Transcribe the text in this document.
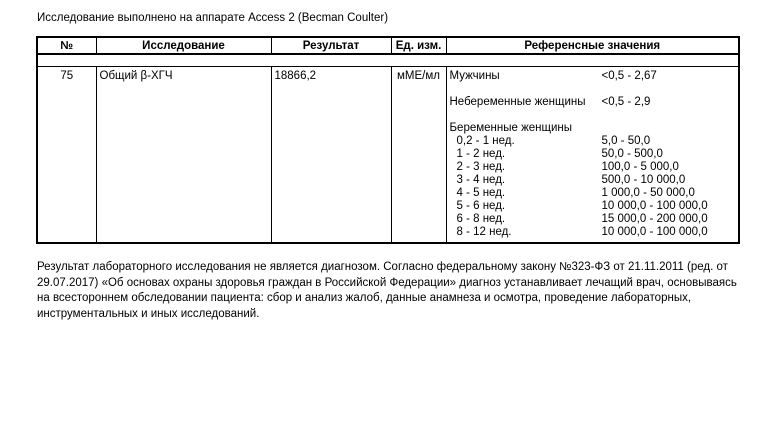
Исследование выполнено на аппарате Access 2 (Becman Coulter)
№	Исследование	Результат	Ед. изм.	Референсные значения

75	Общий β-ХГЧ	18866,2	мМЕ/мл	Мужчины	<0,5 - 2,67
Небеременные женщины	<0,5 - 2,9
Беременные женщины
0,2 - 1 нед.	5,0 - 50,0
1 - 2 нед.	50,0 - 500,0
2 - 3 нед.	100,0 - 5 000,0
3 - 4 нед.	500,0 - 10 000,0
4 - 5 нед.	1 000,0 - 50 000,0
5 - 6 нед.	10 000,0 - 100 000,0
6 - 8 нед.	15 000,0 - 200 000,0
8 - 12 нед.	10 000,0 - 100 000,0
Результат лабораторного исследования не является диагнозом. Согласно федеральному закону №323-ФЗ от 21.11.2011 (ред. от
29.07.2017) «Об основах охраны здоровья граждан в Российской Федерации» диагноз устанавливает лечащий врач, основываясь
на всестороннем обследовании пациента: сбор и анализ жалоб, данные анамнеза и осмотра, проведение лабораторных,
инструментальных и иных исследований.
